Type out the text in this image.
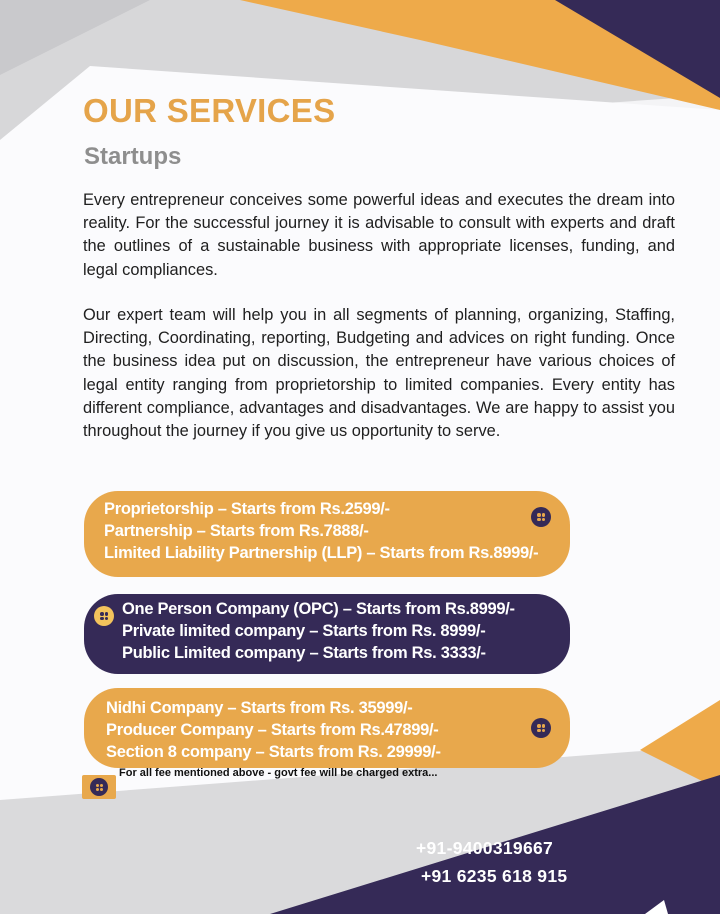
OUR SERVICES
Startups

Every entrepreneur conceives some powerful ideas and executes the dream into reality. For the successful journey it is advisable to consult with experts and draft the outlines of a sustainable business with appropriate licenses, funding, and legal compliances.

Our expert team will help you in all segments of planning, organizing, Staffing, Directing, Coordinating, reporting, Budgeting and advices on right funding. Once the business idea put on discussion, the entrepreneur have various choices of legal entity ranging from proprietorship to limited companies. Every entity has different compliance, advantages and disadvantages. We are happy to assist you throughout the journey if you give us opportunity to serve.

Proprietorship – Starts from Rs.2599/-
Partnership – Starts from Rs.7888/-
Limited Liability Partnership (LLP) – Starts from Rs.8999/-
One Person Company (OPC) – Starts from Rs.8999/-
Private limited company – Starts from Rs. 8999/-
Public Limited company – Starts from Rs. 3333/-
Nidhi Company – Starts from Rs. 35999/-
Producer Company – Starts from Rs.47899/-
Section 8 company – Starts from Rs. 29999/-

For all fee mentioned above - govt fee will be charged extra...

+91-9400319667

+91 6235 618 915
